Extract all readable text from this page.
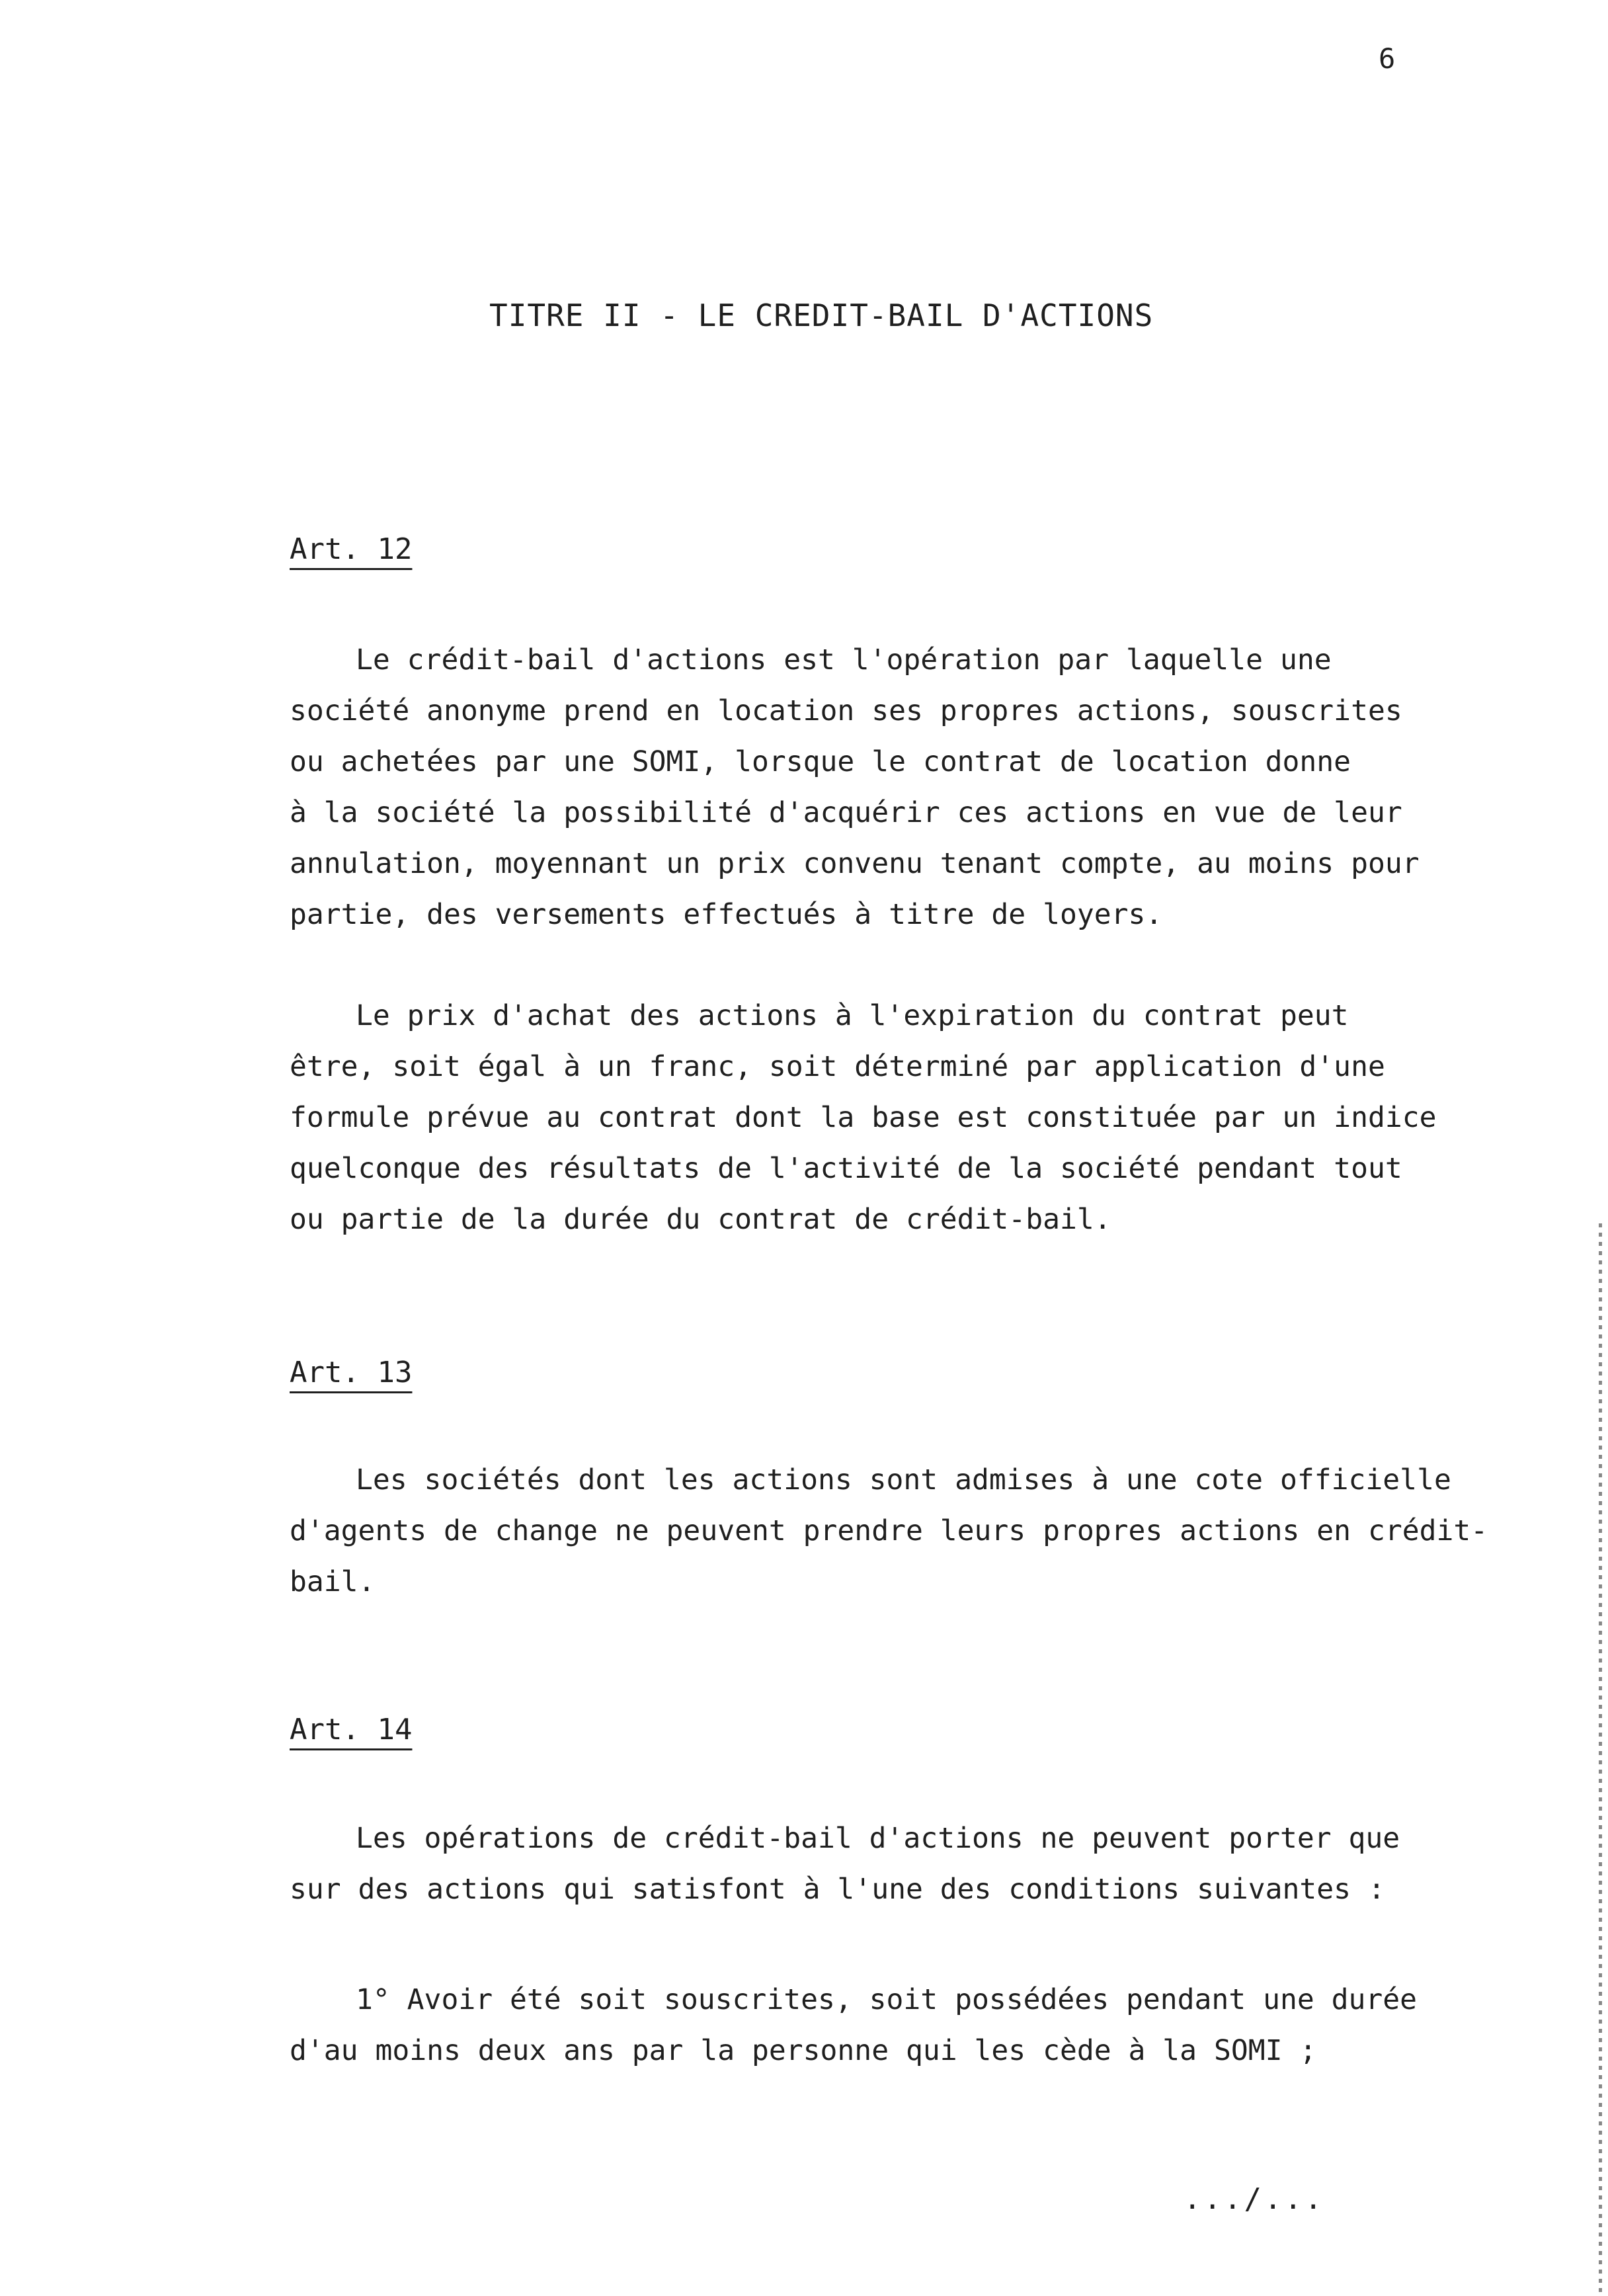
6
TITRE II - LE CREDIT-BAIL D'ACTIONS
Art. 12

Le crédit-bail d'actions est l'opération par laquelle une
société anonyme prend en location ses propres actions, souscrites
ou achetées par une SOMI, lorsque le contrat de location donne
à la société la possibilité d'acquérir ces actions en vue de leur
annulation, moyennant un prix convenu tenant compte, au moins pour
partie, des versements effectués à titre de loyers.

Le prix d'achat des actions à l'expiration du contrat peut
être, soit égal à un franc, soit déterminé par application d'une
formule prévue au contrat dont la base est constituée par un indice
quelconque des résultats de l'activité de la société pendant tout
ou partie de la durée du contrat de crédit-bail.

Art. 13

Les sociétés dont les actions sont admises à une cote officielle
d'agents de change ne peuvent prendre leurs propres actions en crédit-
bail.

Art. 14

Les opérations de crédit-bail d'actions ne peuvent porter que
sur des actions qui satisfont à l'une des conditions suivantes :

1° Avoir été soit souscrites, soit possédées pendant une durée
d'au moins deux ans par la personne qui les cède à la SOMI ;

.../...
